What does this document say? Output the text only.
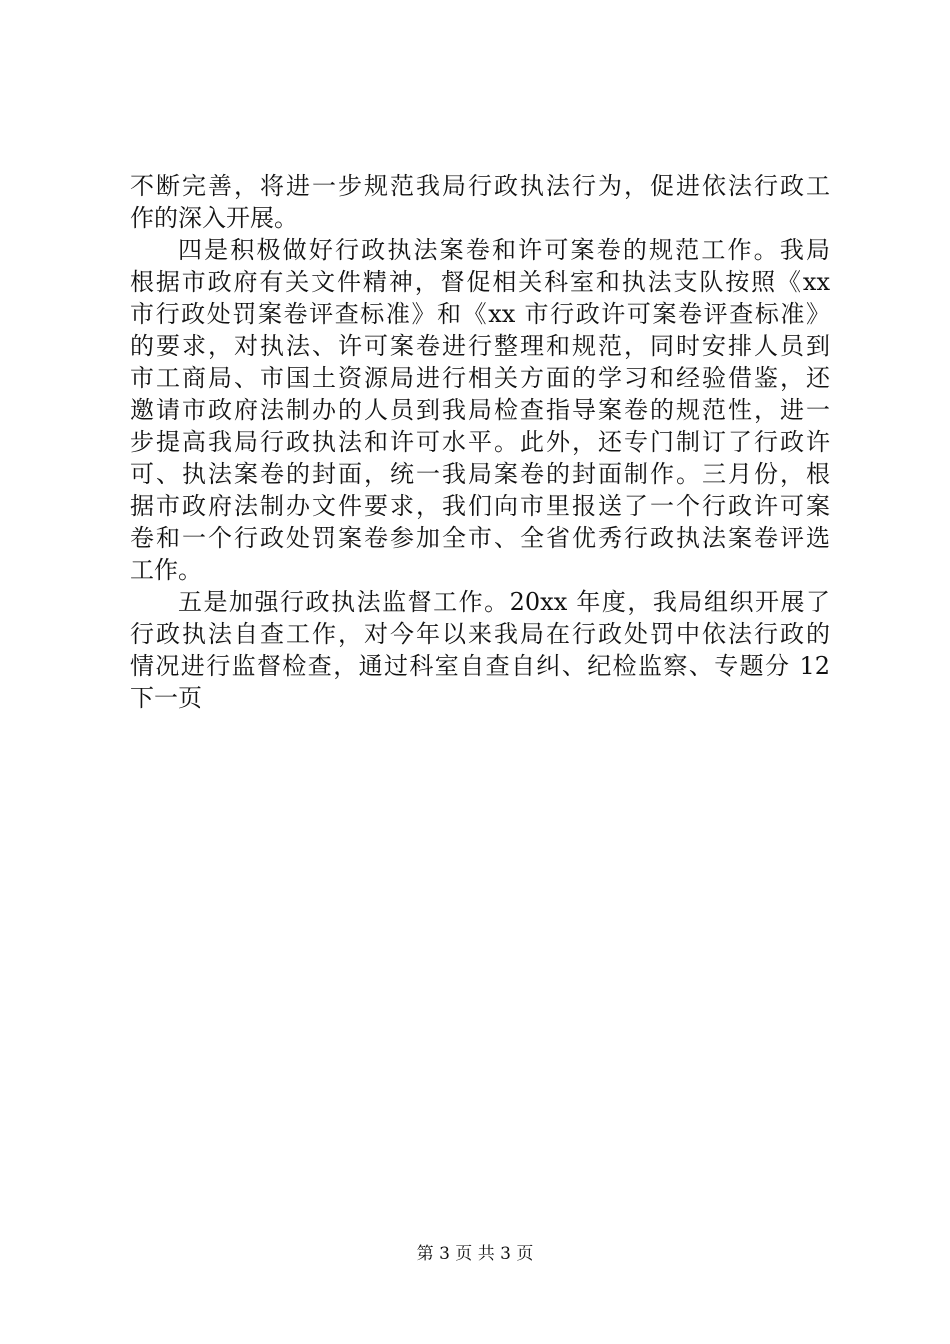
不断完善，将进一步规范我局行政执法行为，促进依法行政工
作的深入开展。
四是积极做好行政执法案卷和许可案卷的规范工作。我局
根据市政府有关文件精神，督促相关科室和执法支队按照《xx
市行政处罚案卷评查标准》和《xx 市行政许可案卷评查标准》
的要求，对执法、许可案卷进行整理和规范，同时安排人员到
市工商局、市国土资源局进行相关方面的学习和经验借鉴，还
邀请市政府法制办的人员到我局检查指导案卷的规范性，进一
步提高我局行政执法和许可水平。此外，还专门制订了行政许
可、执法案卷的封面，统一我局案卷的封面制作。三月份，根
据市政府法制办文件要求，我们向市里报送了一个行政许可案
卷和一个行政处罚案卷参加全市、全省优秀行政执法案卷评选
工作。
五是加强行政执法监督工作。20xx 年度，我局组织开展了
行政执法自查工作，对今年以来我局在行政处罚中依法行政的
情况进行监督检查，通过科室自查自纠、纪检监察、专题分 12
下一页
第 3 页 共 3 页
